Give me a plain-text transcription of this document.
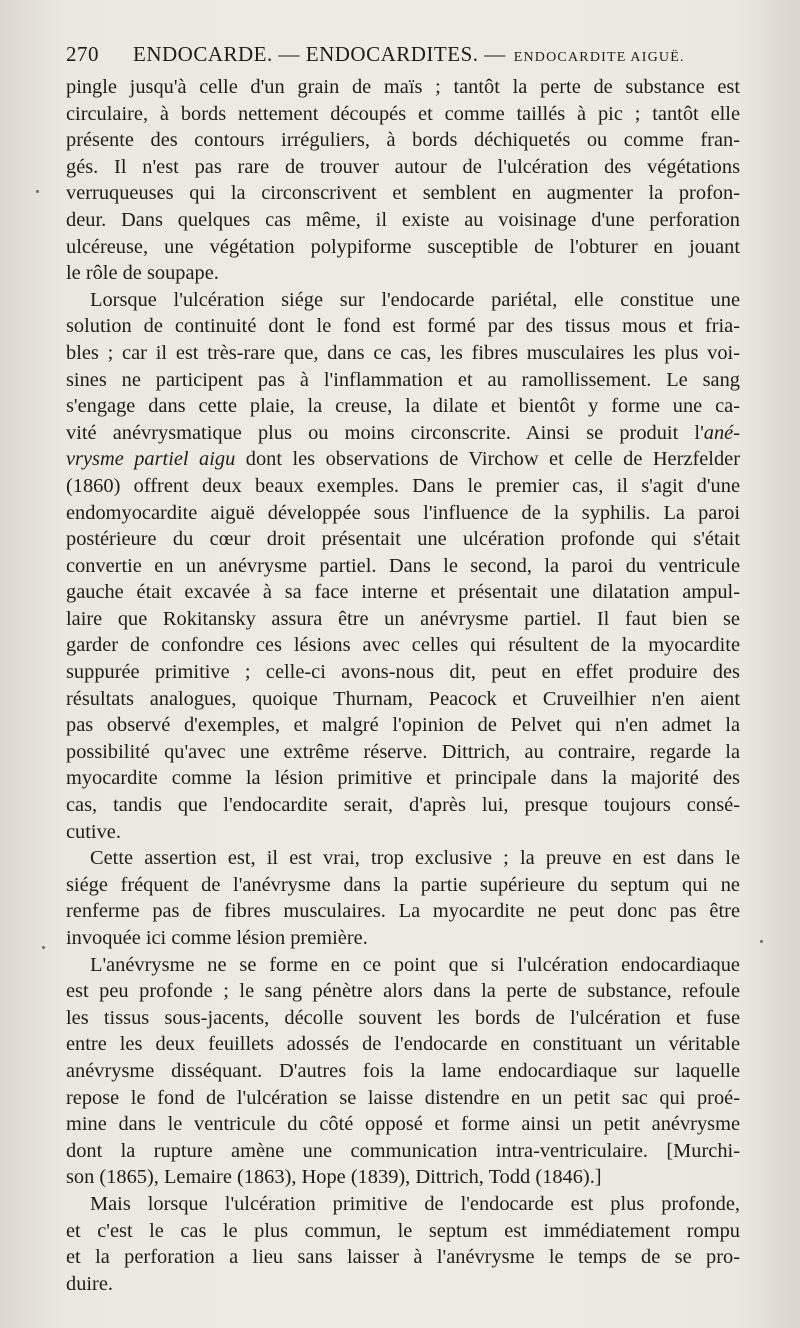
270 ENDOCARDE. — ENDOCARDITES. — ENDOCARDITE AIGUË.
pingle jusqu'à celle d'un grain de maïs ; tantôt la perte de substance est
circulaire, à bords nettement découpés et comme taillés à pic ; tantôt elle
présente des contours irréguliers, à bords déchiquetés ou comme fran-
gés. Il n'est pas rare de trouver autour de l'ulcération des végétations
verruqueuses qui la circonscrivent et semblent en augmenter la profon-
deur. Dans quelques cas même, il existe au voisinage d'une perforation
ulcéreuse, une végétation polypiforme susceptible de l'obturer en jouant
le rôle de soupape.
Lorsque l'ulcération siége sur l'endocarde pariétal, elle constitue une
solution de continuité dont le fond est formé par des tissus mous et fria-
bles ; car il est très-rare que, dans ce cas, les fibres musculaires les plus voi-
sines ne participent pas à l'inflammation et au ramollissement. Le sang
s'engage dans cette plaie, la creuse, la dilate et bientôt y forme une ca-
vité anévrysmatique plus ou moins circonscrite. Ainsi se produit l'ané-
vrysme partiel aigu dont les observations de Virchow et celle de Herzfelder
(1860) offrent deux beaux exemples. Dans le premier cas, il s'agit d'une
endomyocardite aiguë développée sous l'influence de la syphilis. La paroi
postérieure du cœur droit présentait une ulcération profonde qui s'était
convertie en un anévrysme partiel. Dans le second, la paroi du ventricule
gauche était excavée à sa face interne et présentait une dilatation ampul-
laire que Rokitansky assura être un anévrysme partiel. Il faut bien se
garder de confondre ces lésions avec celles qui résultent de la myocardite
suppurée primitive ; celle-ci avons-nous dit, peut en effet produire des
résultats analogues, quoique Thurnam, Peacock et Cruveilhier n'en aient
pas observé d'exemples, et malgré l'opinion de Pelvet qui n'en admet la
possibilité qu'avec une extrême réserve. Dittrich, au contraire, regarde la
myocardite comme la lésion primitive et principale dans la majorité des
cas, tandis que l'endocardite serait, d'après lui, presque toujours consé-
cutive.
Cette assertion est, il est vrai, trop exclusive ; la preuve en est dans le
siége fréquent de l'anévrysme dans la partie supérieure du septum qui ne
renferme pas de fibres musculaires. La myocardite ne peut donc pas être
invoquée ici comme lésion première.
L'anévrysme ne se forme en ce point que si l'ulcération endocardiaque
est peu profonde ; le sang pénètre alors dans la perte de substance, refoule
les tissus sous-jacents, décolle souvent les bords de l'ulcération et fuse
entre les deux feuillets adossés de l'endocarde en constituant un véritable
anévrysme disséquant. D'autres fois la lame endocardiaque sur laquelle
repose le fond de l'ulcération se laisse distendre en un petit sac qui proé-
mine dans le ventricule du côté opposé et forme ainsi un petit anévrysme
dont la rupture amène une communication intra-ventriculaire. [Murchi-
son (1865), Lemaire (1863), Hope (1839), Dittrich, Todd (1846).]
Mais lorsque l'ulcération primitive de l'endocarde est plus profonde,
et c'est le cas le plus commun, le septum est immédiatement rompu
et la perforation a lieu sans laisser à l'anévrysme le temps de se pro-
duire.
